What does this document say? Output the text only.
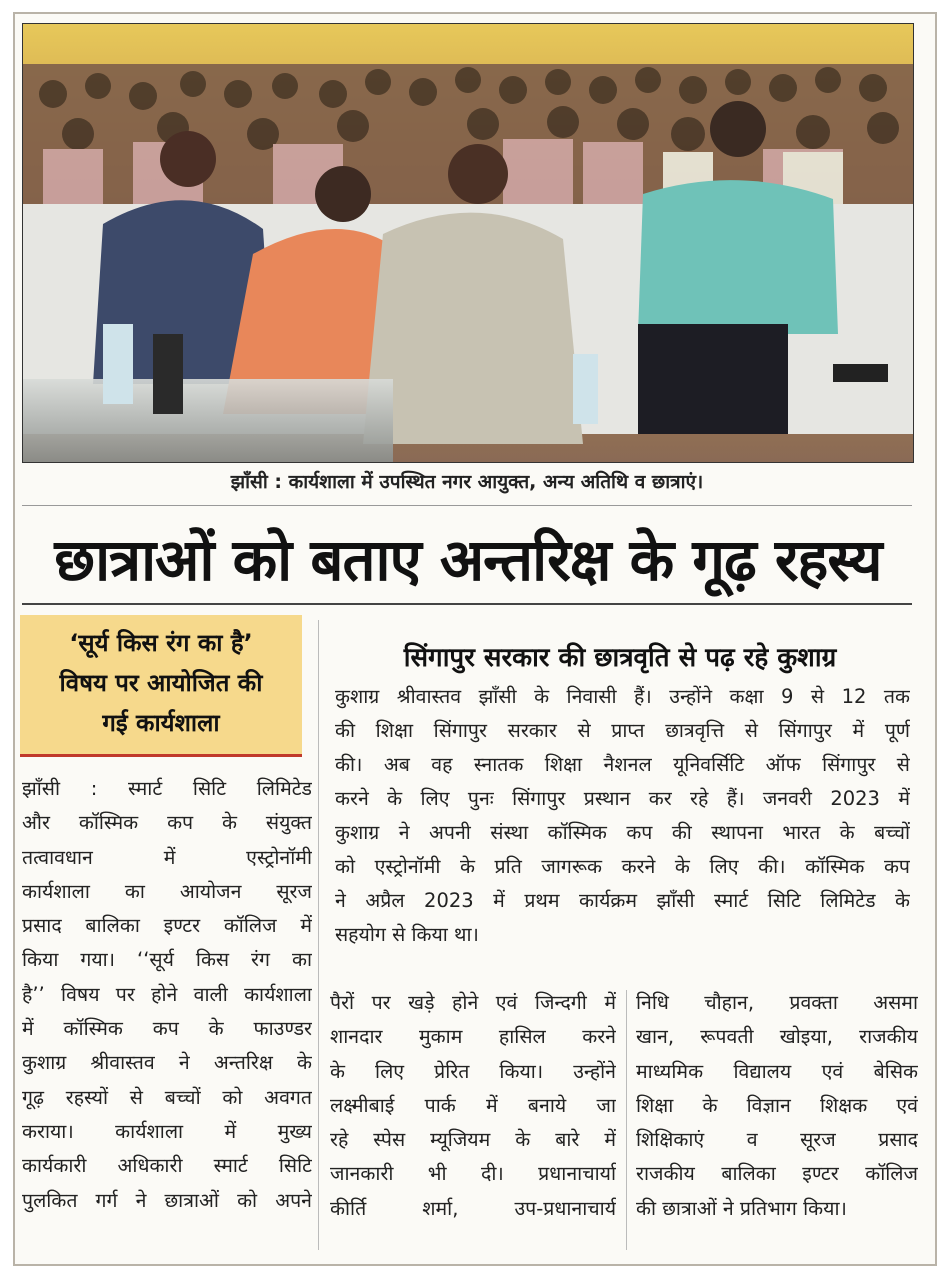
झाँसी : कार्यशाला में उपस्थित नगर आयुक्त, अन्य अतिथि व छात्राएं।
छात्राओं को बताए अन्तरिक्ष के गूढ़ रहस्य
‘सूर्य किस रंग का है’
विषय पर आयोजित की
गई कार्यशाला
सिंगापुर सरकार की छात्रवृति से पढ़ रहे कुशाग्र
कुशाग्र श्रीवास्तव झाँसी के निवासी हैं। उन्होंने कक्षा 9 से 12 तक
की शिक्षा सिंगापुर सरकार से प्राप्त छात्रवृत्ति से सिंगापुर में पूर्ण
की। अब वह स्नातक शिक्षा नैशनल यूनिवर्सिटि ऑफ सिंगापुर से
करने के लिए पुनः सिंगापुर प्रस्थान कर रहे हैं। जनवरी 2023 में
कुशाग्र ने अपनी संस्था कॉस्मिक कप की स्थापना भारत के बच्चों
को एस्ट्रोनॉमी के प्रति जागरूक करने के लिए की। कॉस्मिक कप
ने अप्रैल 2023 में प्रथम कार्यक्रम झाँसी स्मार्ट सिटि लिमिटेड के
सहयोग से किया था।
झाँसी : स्मार्ट सिटि लिमिटेड
और कॉस्मिक कप के संयुक्त
तत्वावधान में एस्ट्रोनॉमी
कार्यशाला का आयोजन सूरज
प्रसाद बालिका इण्टर कॉलिज में
किया गया। ‘‘सूर्य किस रंग का
है’’ विषय पर होने वाली कार्यशाला
में कॉस्मिक कप के फाउण्डर
कुशाग्र श्रीवास्तव ने अन्तरिक्ष के
गूढ़ रहस्यों से बच्चों को अवगत
कराया। कार्यशाला में मुख्य
कार्यकारी अधिकारी स्मार्ट सिटि
पुलकित गर्ग ने छात्राओं को अपने
पैरों पर खड़े होने एवं जिन्दगी में
शानदार मुकाम हासिल करने
के लिए प्रेरित किया। उन्होंने
लक्ष्मीबाई पार्क में बनाये जा
रहे स्पेस म्यूजियम के बारे में
जानकारी भी दी। प्रधानाचार्या
कीर्ति शर्मा, उप-प्रधानाचार्य
निधि चौहान, प्रवक्ता असमा
खान, रूपवती खोइया, राजकीय
माध्यमिक विद्यालय एवं बेसिक
शिक्षा के विज्ञान शिक्षक एवं
शिक्षिकाएं व सूरज प्रसाद
राजकीय बालिका इण्टर कॉलिज
की छात्राओं ने प्रतिभाग किया।
